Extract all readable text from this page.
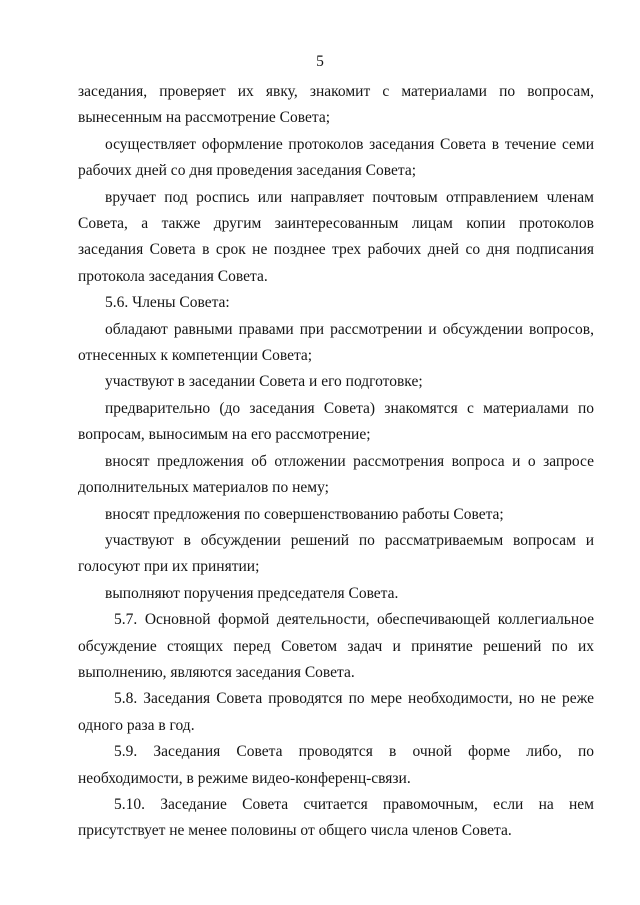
5

заседания, проверяет их явку, знакомит с материалами по вопросам, вынесенным на рассмотрение Совета;

осуществляет оформление протоколов заседания Совета в течение семи рабочих дней со дня проведения заседания Совета;

вручает под роспись или направляет почтовым отправлением членам Совета, а также другим заинтересованным лицам копии протоколов заседания Совета в срок не позднее трех рабочих дней со дня подписания протокола заседания Совета.

5.6. Члены Совета:

обладают равными правами при рассмотрении и обсуждении вопросов, отнесенных к компетенции Совета;

участвуют в заседании Совета и его подготовке;

предварительно (до заседания Совета) знакомятся с материалами по вопросам, выносимым на его рассмотрение;

вносят предложения об отложении рассмотрения вопроса и о запросе дополнительных материалов по нему;

вносят предложения по совершенствованию работы Совета;

участвуют в обсуждении решений по рассматриваемым вопросам и голосуют при их принятии;

выполняют поручения председателя Совета.

5.7. Основной формой деятельности, обеспечивающей коллегиальное обсуждение стоящих перед Советом задач и принятие решений по их выполнению, являются заседания Совета.

5.8. Заседания Совета проводятся по мере необходимости, но не реже одного раза в год.

5.9. Заседания Совета проводятся в очной форме либо, по необходимости, в режиме видео-конференц-связи.

5.10. Заседание Совета считается правомочным, если на нем присутствует не менее половины от общего числа членов Совета.
